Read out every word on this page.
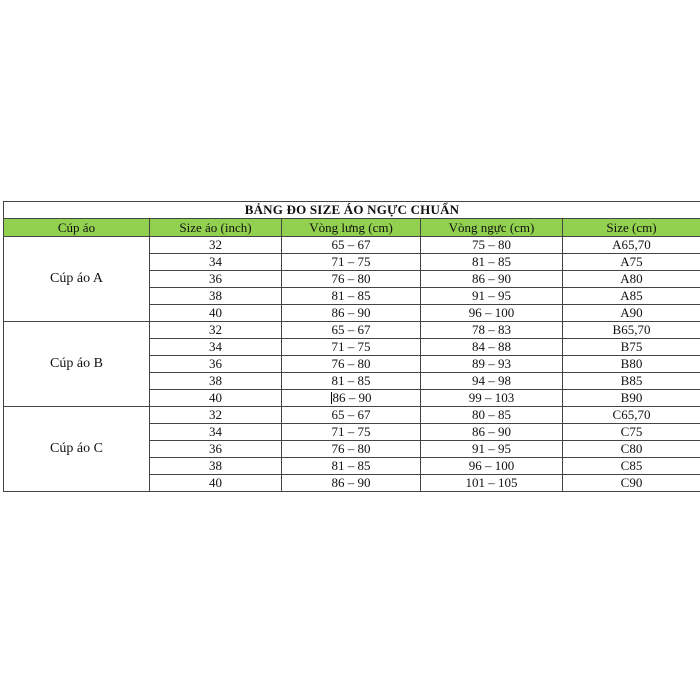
BẢNG ĐO SIZE ÁO NGỰC CHUẨN				
Cúp áo	Size áo (inch)	Vòng lưng (cm)	Vòng ngực (cm)	Size (cm)
Cúp áo A	32	65 – 67	75 – 80	A65,70
	34	71 – 75	81 – 85	A75
	36	76 – 80	86 – 90	A80
	38	81 – 85	91 – 95	A85
	40	86 – 90	96 – 100	A90
Cúp áo B	32	65 – 67	78 – 83	B65,70
	34	71 – 75	84 – 88	B75
	36	76 – 80	89 – 93	B80
	38	81 – 85	94 – 98	B85
	40	86 – 90	99 – 103	B90
Cúp áo C	32	65 – 67	80 – 85	C65,70
	34	71 – 75	86 – 90	C75
	36	76 – 80	91 – 95	C80
	38	81 – 85	96 – 100	C85
	40	86 – 90	101 – 105	C90
